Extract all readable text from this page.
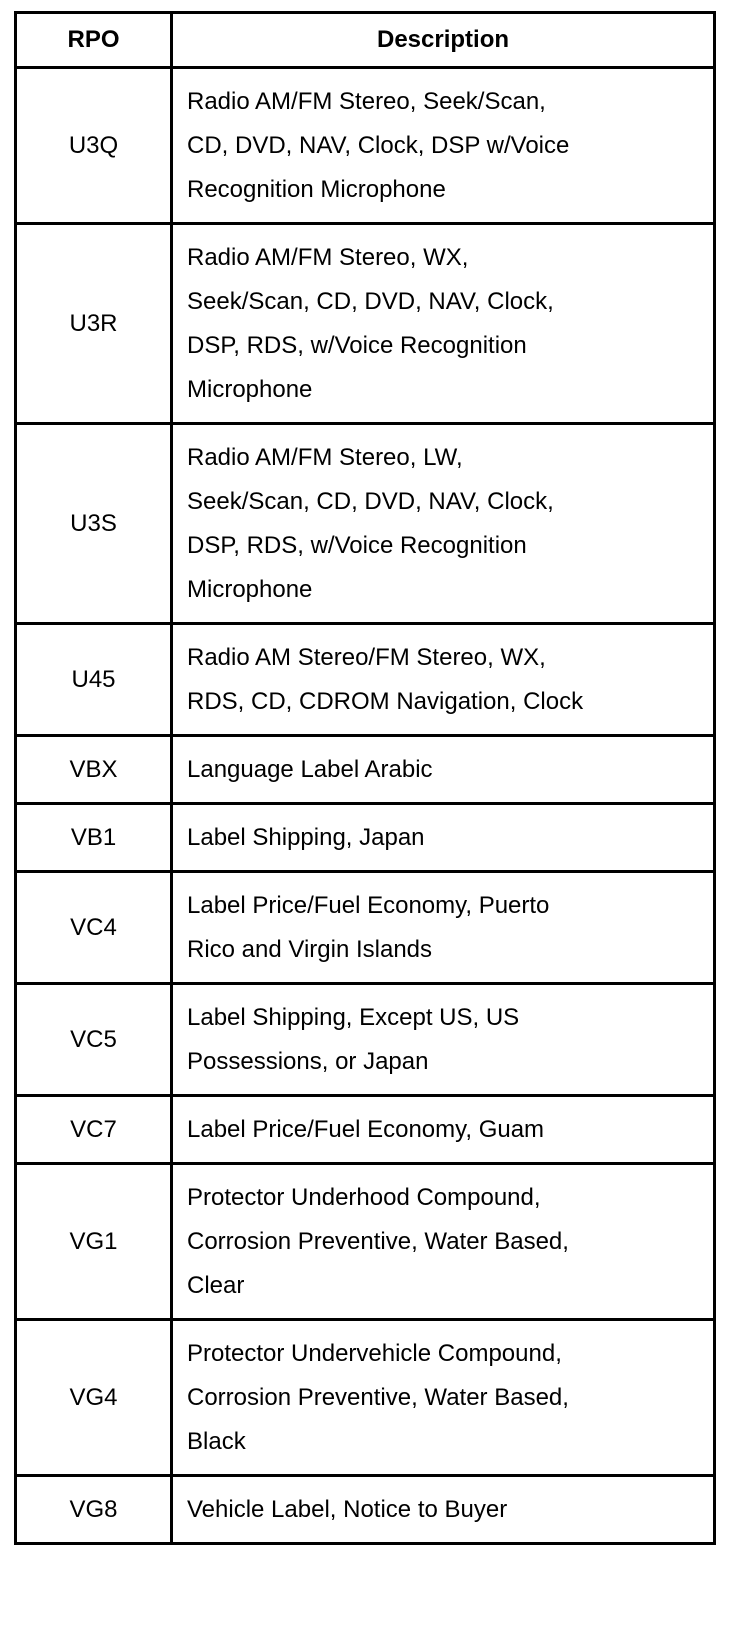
RPO	Description
U3Q	Radio AM/FM Stereo, Seek/Scan,
CD, DVD, NAV, Clock, DSP w/Voice
Recognition Microphone
U3R	Radio AM/FM Stereo, WX,
Seek/Scan, CD, DVD, NAV, Clock,
DSP, RDS, w/Voice Recognition
Microphone
U3S	Radio AM/FM Stereo, LW,
Seek/Scan, CD, DVD, NAV, Clock,
DSP, RDS, w/Voice Recognition
Microphone
U45	Radio AM Stereo/FM Stereo, WX,
RDS, CD, CDROM Navigation, Clock
VBX	Language Label Arabic
VB1	Label Shipping, Japan
VC4	Label Price/Fuel Economy, Puerto
Rico and Virgin Islands
VC5	Label Shipping, Except US, US
Possessions, or Japan
VC7	Label Price/Fuel Economy, Guam
VG1	Protector Underhood Compound,
Corrosion Preventive, Water Based,
Clear
VG4	Protector Undervehicle Compound,
Corrosion Preventive, Water Based,
Black
VG8	Vehicle Label, Notice to Buyer
